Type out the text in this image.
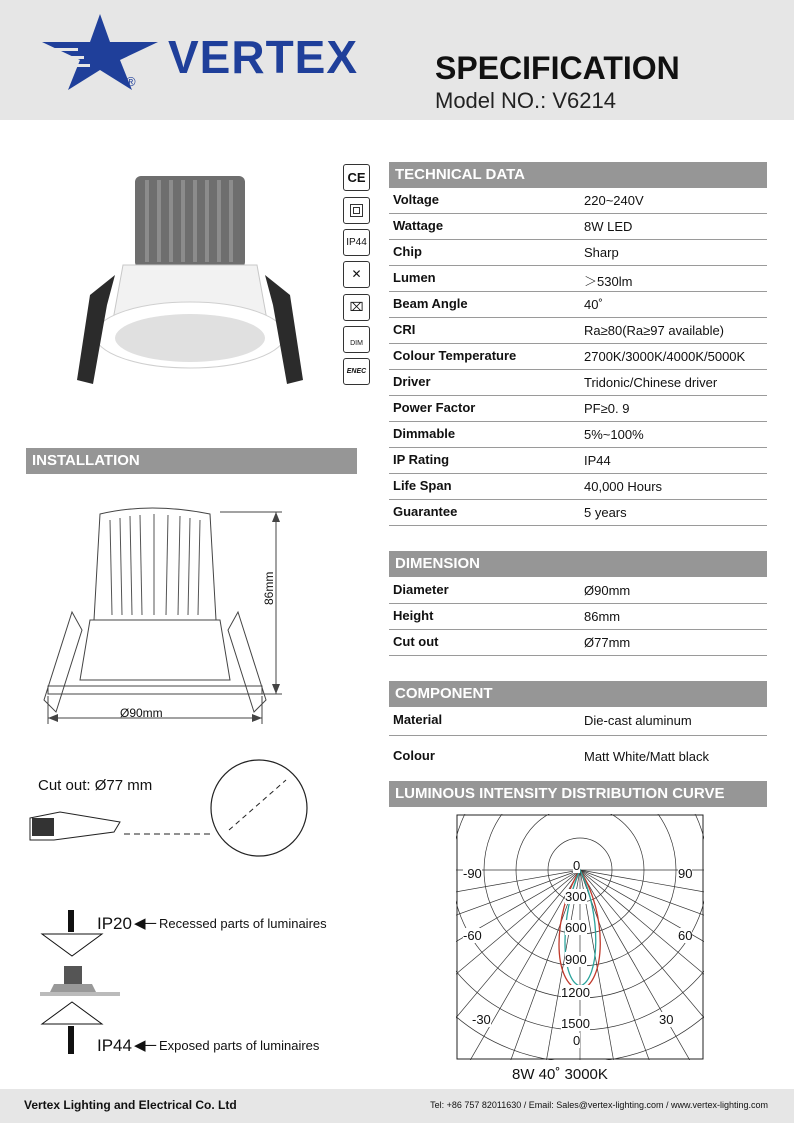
® VERTEX SPECIFICATION
Model NO.: V6214
CE
IP44
✕
⌧
DIM
ENEC
TECHNICAL DATA
Voltage	220~240V
Wattage	8W LED
Chip	Sharp
Lumen	＞530lm
Beam Angle	40˚
CRI	Ra≥80(Ra≥97 available)
Colour Temperature	2700K/3000K/4000K/5000K
Driver	Tridonic/Chinese driver
Power Factor	PF≥0. 9
Dimmable	5%~100%
IP Rating	IP44
Life Span	40,000 Hours
Guarantee	5 years
DIMENSION
Diameter	Ø90mm
Height	86mm
Cut out	Ø77mm
COMPONENT
Material	Die-cast aluminum
Colour	Matt White/Matt black
INSTALLATION
86mm
Ø90mm
Cut out: Ø77 mm
IP20 ◀─ Recessed parts of luminaires
IP44 ◀─ Exposed parts of luminaires
LUMINOUS INTENSITY DISTRIBUTION CURVE
0
-90	90
-60	60
-30	30
0
300
600
900
1200
1500
8W 40˚ 3000K
Vertex Lighting and Electrical Co. Ltd	Tel: +86 757 82011630 / Email: Sales@vertex-lighting.com / www.vertex-lighting.com
